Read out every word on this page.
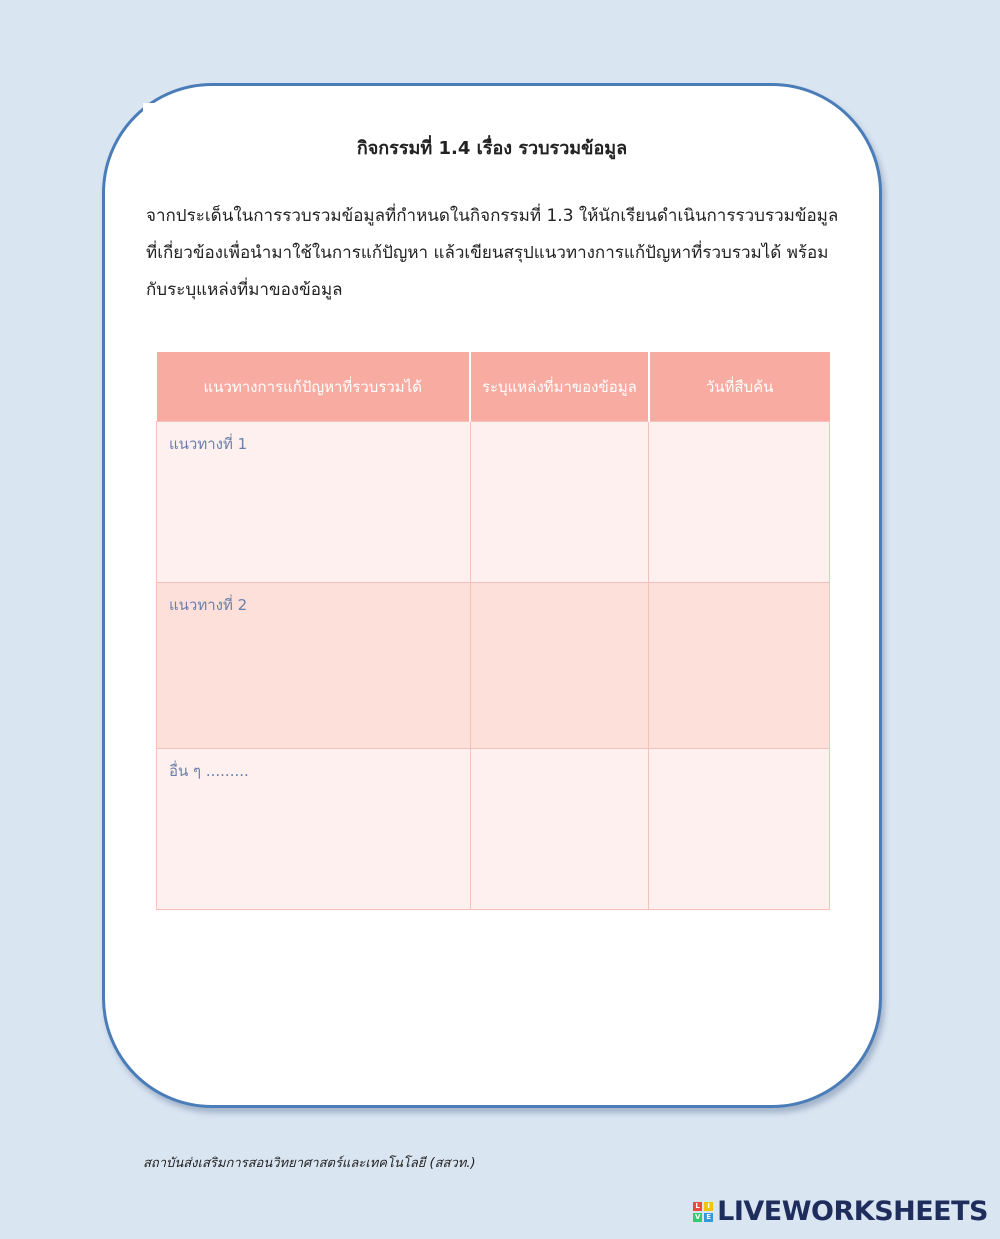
กิจกรรมที่ 1.4 เรื่อง รวบรวมข้อมูล
จากประเด็นในการรวบรวมข้อมูลที่กำหนดในกิจกรรมที่ 1.3 ให้นักเรียนดำเนินการรวบรวมข้อมูลที่เกี่ยวข้องเพื่อนำมาใช้ในการแก้ปัญหา แล้วเขียนสรุปแนวทางการแก้ปัญหาที่รวบรวมได้ พร้อมกับระบุแหล่งที่มาของข้อมูล
แนวทางการแก้ปัญหาที่รวบรวมได้	ระบุแหล่งที่มาของข้อมูล	วันที่สืบค้น
แนวทางที่ 1		
แนวทางที่ 2		
อื่น ๆ .........		
สถาบันส่งเสริมการสอนวิทยาศาสตร์และเทคโนโลยี (สสวท.)
L	I
V E LIVEWORKSHEETS
